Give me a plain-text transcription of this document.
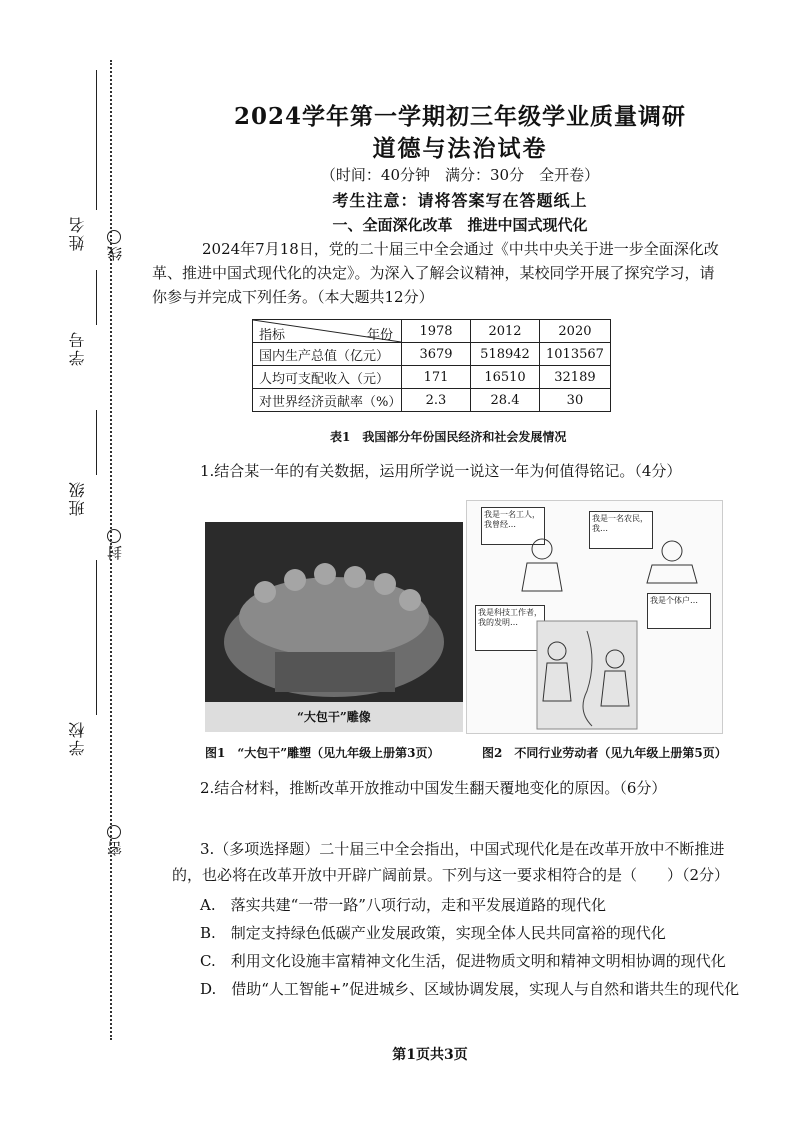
姓名
学号
班级
学校
线
封
密
2024学年第一学期初三年级学业质量调研
道德与法治试卷
（时间：40分钟　满分：30分　全开卷）
考生注意：请将答案写在答题纸上
一、全面深化改革　推进中国式现代化
2024年7月18日，党的二十届三中全会通过《中共中央关于进一步全面深化改
革、推进中国式现代化的决定》。为深入了解会议精神，某校同学开展了探究学习，请
你参与并完成下列任务。（本大题共12分）
指标 年份	1978	2012	2020
国内生产总值（亿元）	3679	518942	1013567
人均可支配收入（元）	171	16510	32189
对世界经济贡献率（%）	2.3	28.4	30
表1　我国部分年份国民经济和社会发展情况
1.结合某一年的有关数据，运用所学说一说这一年为何值得铭记。（4分）
“大包干”雕像
我是一名工人，我曾经…
我是一名农民，我…
我是科技工作者，我的发明…
我是个体户…
图1　“大包干”雕塑（见九年级上册第3页）	图2　不同行业劳动者（见九年级上册第5页）
2.结合材料，推断改革开放推动中国发生翻天覆地变化的原因。（6分）
3.（多项选择题）二十届三中全会指出，中国式现代化是在改革开放中不断推进
的，也必将在改革开放中开辟广阔前景。下列与这一要求相符合的是（　　）（2分）
A.　落实共建“一带一路”八项行动，走和平发展道路的现代化
B.　制定支持绿色低碳产业发展政策，实现全体人民共同富裕的现代化
C.　利用文化设施丰富精神文化生活，促进物质文明和精神文明相协调的现代化
D.　借助“人工智能+”促进城乡、区域协调发展，实现人与自然和谐共生的现代化
第1页共3页
